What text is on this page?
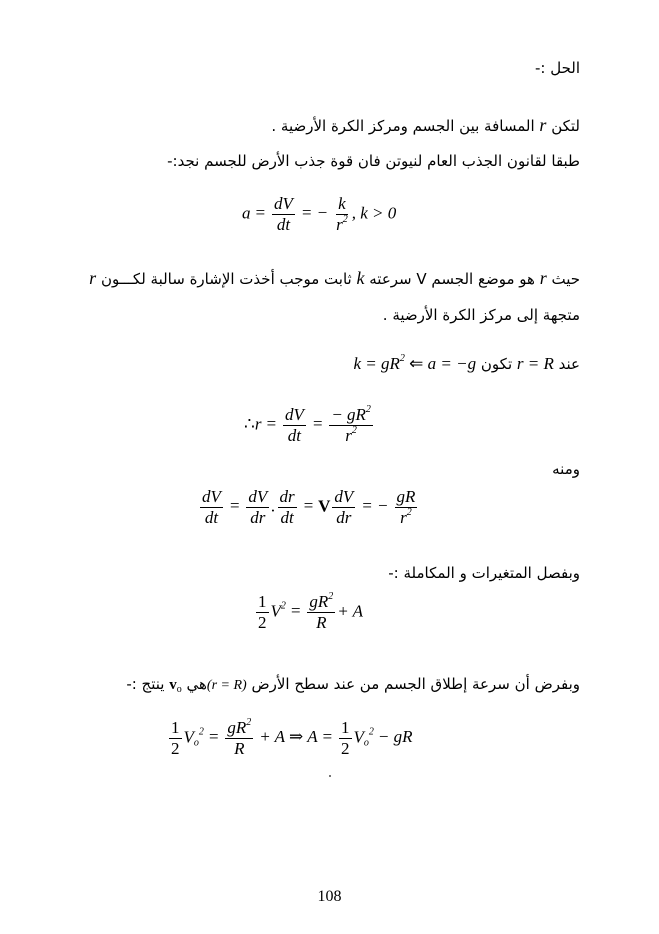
الحل :-
لتكن r المسافة بين الجسم ومركز الكرة الأرضية .
طبقا لقانون الجذب العام لنيوتن فان قوة جذب الأرض للجسم نجد:-
$a = \frac{dV}{dt}$ = − $\frac{k}{r^2}$ , k > 0
حيث r هو موضع الجسم V سرعته k ثابت موجب أخذت الإشارة سالبة لكـــون r
متجهة إلى مركز الكرة الأرضية .
عند r = R تكون $k = gR^2$ ⇐ a = −g
∴r = $\frac{dV}{dt} = \frac{- gR^2}{r^2}$
ومنه
$\frac{dV}{dt} = \frac{dV}{dr}$ . $\frac{dr}{dt} = V \frac{dV}{dr}$ = − $\frac{gR}{r^2}$
وبفصل المتغيرات و المكاملة :-
$\frac{1}{2} V^2 = \frac{gR^2}{R} + A$
وبفرض أن سرعة إطلاق الجسم من عند سطح الأرض (r = R)هي $v_o$ ينتج :-
$\frac{1}{2} V_o^2 = \frac{gR^2}{R} + A$ ⇒ $A = \frac{1}{2} V_o^2$ − gR
108
